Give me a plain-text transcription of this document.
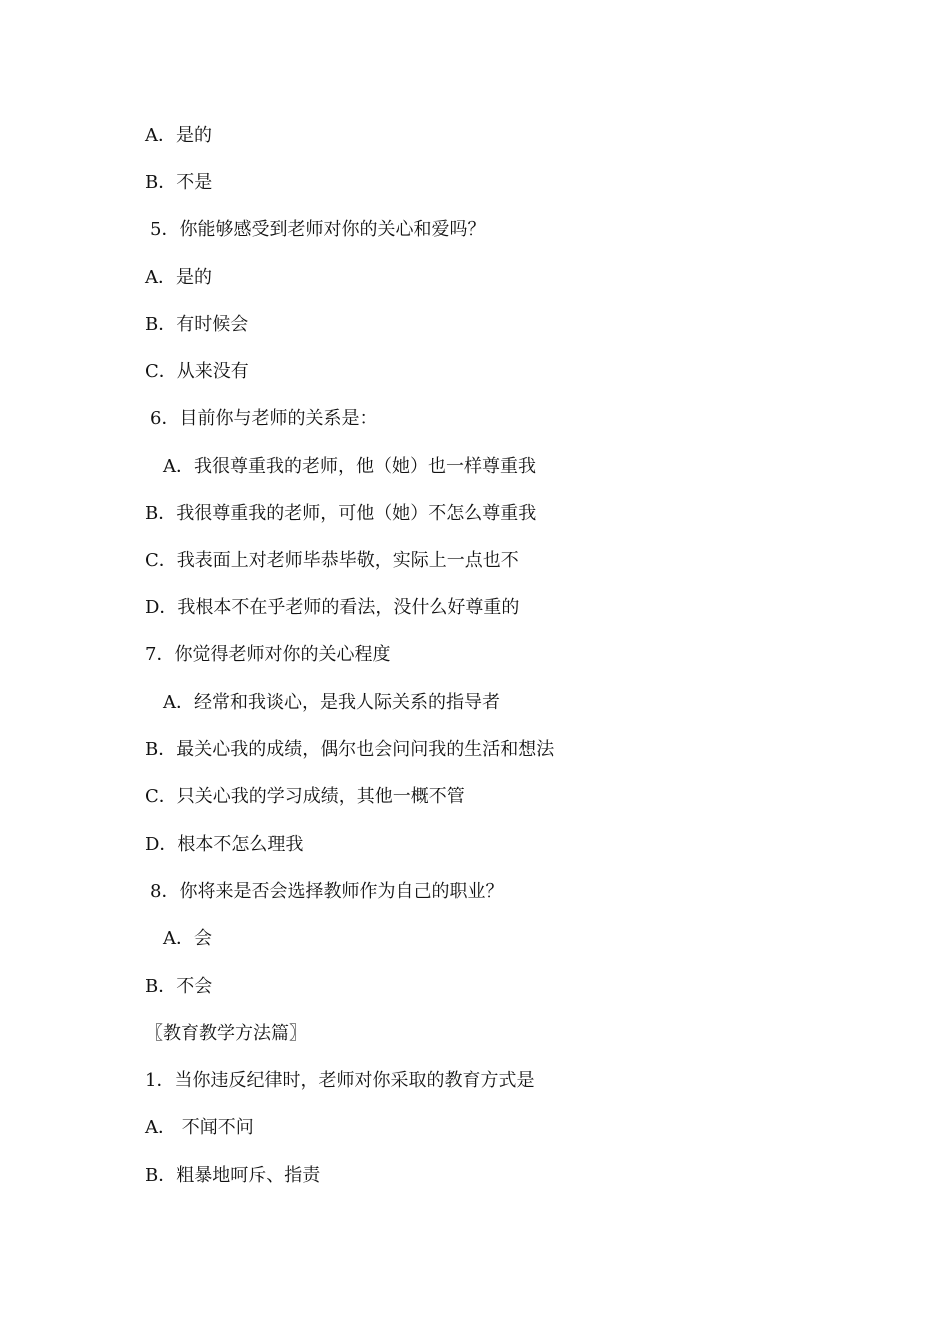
A．是的
B．不是
5．你能够感受到老师对你的关心和爱吗？
A．是的
B．有时候会
C．从来没有
6．目前你与老师的关系是：
A．我很尊重我的老师，他（她）也一样尊重我
B．我很尊重我的老师，可他（她）不怎么尊重我
C．我表面上对老师毕恭毕敬，实际上一点也不
D．我根本不在乎老师的看法，没什么好尊重的
7．你觉得老师对你的关心程度
A．经常和我谈心，是我人际关系的指导者
B．最关心我的成绩，偶尔也会问问我的生活和想法
C．只关心我的学习成绩，其他一概不管
D．根本不怎么理我
8．你将来是否会选择教师作为自己的职业？
A．会
B．不会
〖教育教学方法篇〗
1．当你违反纪律时，老师对你采取的教育方式是
A． 不闻不问
B．粗暴地呵斥、指责
